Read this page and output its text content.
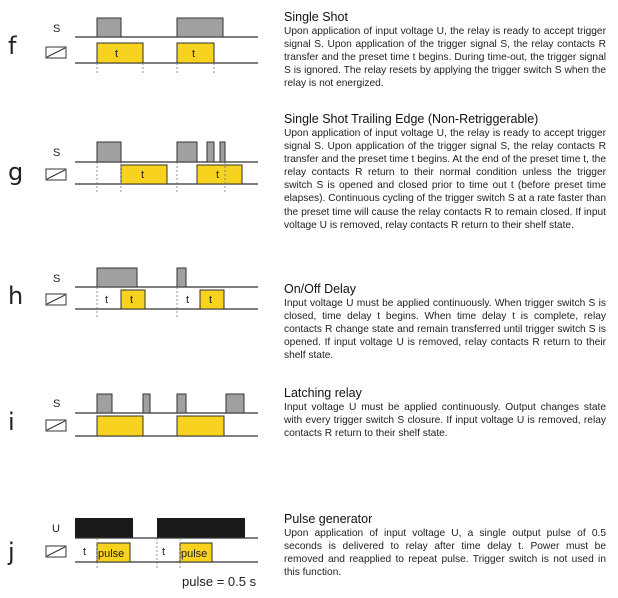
f
S
t	t
Single Shot

Upon application of input voltage U, the relay is ready to accept trigger signal S. Upon application of the trigger signal S, the relay contacts R transfer and the preset time t begins. During time-out, the trigger signal S is ignored. The relay resets by applying the trigger switch S when the relay is not energized.

g
S
t	t
Single Shot Trailing Edge (Non-Retriggerable)

Upon application of input voltage U, the relay is ready to accept trigger signal S. Upon application of the trigger signal S, the relay contacts R transfer and the preset time t begins. At the end of the preset time t, the relay contacts R return to their normal condition unless the trigger switch S is opened and closed prior to time out t (before preset time elapses). Continuous cycling of the trigger switch S at a rate faster than the preset time will cause the relay contacts R to remain closed. If input voltage U is removed, relay contacts R return to their shelf state.

h
S
t t	t t
On/Off Delay

Input voltage U must be applied continuously. When trigger switch S is closed, time delay t begins. When time delay t is complete, relay contacts R change state and remain transferred until trigger switch S is opened. If input voltage U is removed, relay contacts R return to their shelf state.

i
S
Latching relay

Input voltage U must be applied continuously. Output changes state with every trigger switch S closure. If input voltage U is removed, relay contacts R return to their shelf state.

j
U
t	t
pulse	pulse
pulse = 0.5 s
Pulse generator

Upon application of input voltage U, a single output pulse of 0.5 seconds is delivered to relay after time delay t. Power must be removed and reapplied to repeat pulse. Trigger switch is not used in this function.
